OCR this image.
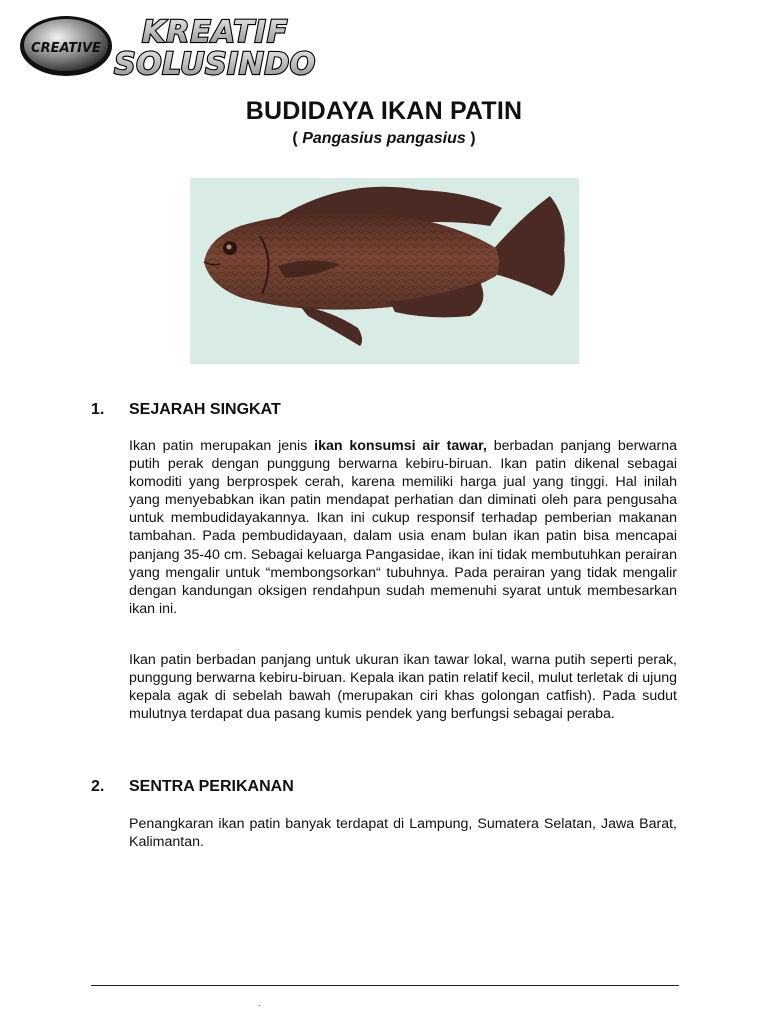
CREATIVE KREATIF
SOLUSINDO
BUDIDAYA IKAN PATIN
( Pangasius pangasius )
1. SEJARAH SINGKAT

Ikan patin merupakan jenis ikan konsumsi air tawar, berbadan panjang berwarna putih perak dengan punggung berwarna kebiru-biruan. Ikan patin dikenal sebagai komoditi yang berprospek cerah, karena memiliki harga jual yang tinggi. Hal inilah yang menyebabkan ikan patin mendapat perhatian dan diminati oleh para pengusaha untuk membudidayakannya. Ikan ini cukup responsif terhadap pemberian makanan tambahan. Pada pembudidayaan, dalam usia enam bulan ikan patin bisa mencapai panjang 35-40 cm. Sebagai keluarga Pangasidae, ikan ini tidak membutuhkan perairan yang mengalir untuk “membongsorkan“ tubuhnya. Pada perairan yang tidak mengalir dengan kandungan oksigen rendahpun sudah memenuhi syarat untuk membesarkan ikan ini.

Ikan patin berbadan panjang untuk ukuran ikan tawar lokal, warna putih seperti perak, punggung berwarna kebiru-biruan. Kepala ikan patin relatif kecil, mulut terletak di ujung kepala agak di sebelah bawah (merupakan ciri khas golongan catfish). Pada sudut mulutnya terdapat dua pasang kumis pendek yang berfungsi sebagai peraba.

2. SENTRA PERIKANAN

Penangkaran ikan patin banyak terdapat di Lampung, Sumatera Selatan, Jawa Barat, Kalimantan.

.
